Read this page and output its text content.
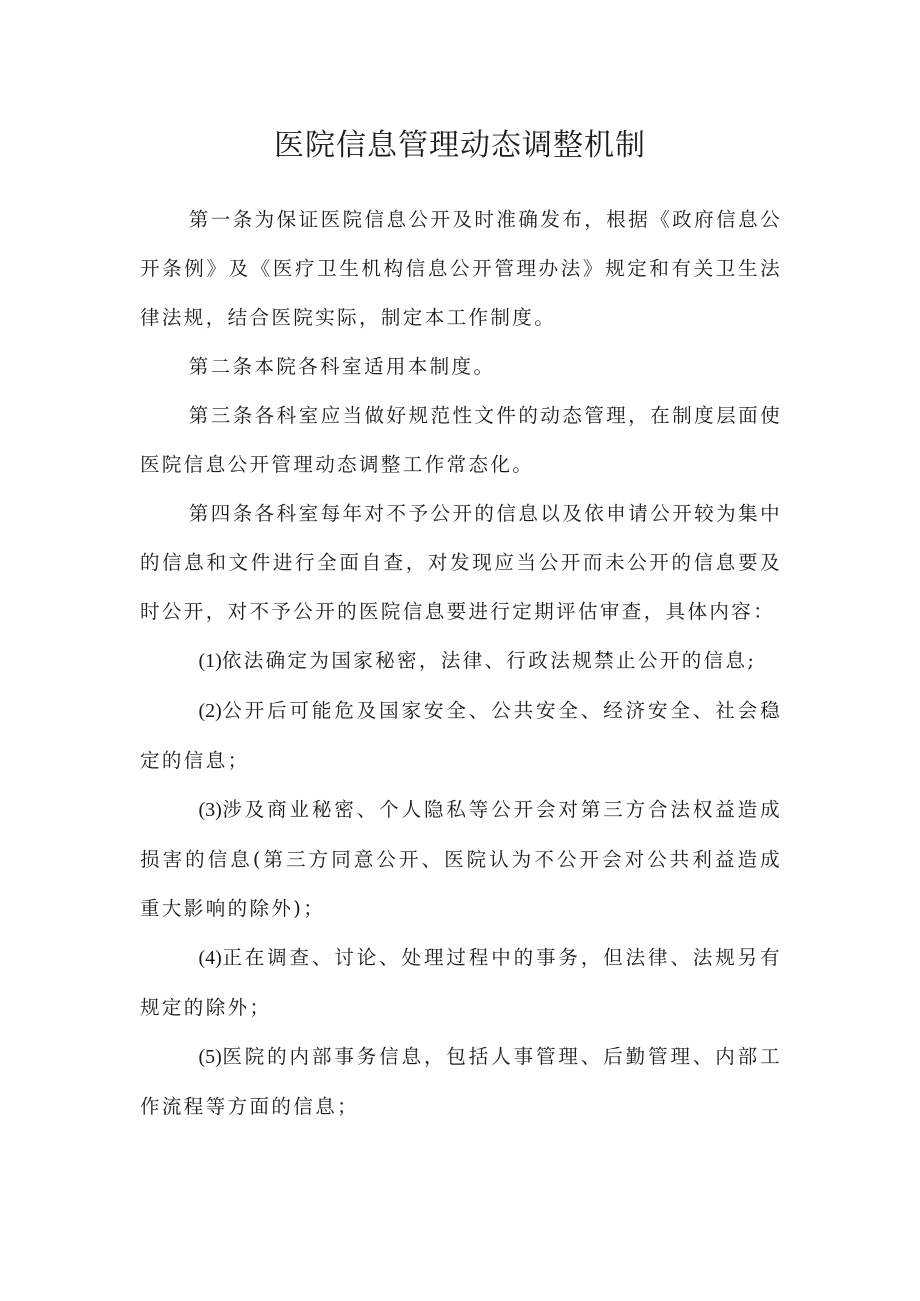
医院信息管理动态调整机制

第一条为保证医院信息公开及时准确发布，根据《政府信息公开条例》及《医疗卫生机构信息公开管理办法》规定和有关卫生法律法规，结合医院实际，制定本工作制度。

第二条本院各科室适用本制度。

第三条各科室应当做好规范性文件的动态管理，在制度层面使医院信息公开管理动态调整工作常态化。

第四条各科室每年对不予公开的信息以及依申请公开较为集中的信息和文件进行全面自查，对发现应当公开而未公开的信息要及时公开，对不予公开的医院信息要进行定期评估审查，具体内容：

(1)依法确定为国家秘密，法律、行政法规禁止公开的信息;

(2)公开后可能危及国家安全、公共安全、经济安全、社会稳定的信息；

(3)涉及商业秘密、个人隐私等公开会对第三方合法权益造成损害的信息(第三方同意公开、医院认为不公开会对公共利益造成重大影响的除外)；

(4)正在调查、讨论、处理过程中的事务，但法律、法规另有规定的除外；

(5)医院的内部事务信息，包括人事管理、后勤管理、内部工作流程等方面的信息；
